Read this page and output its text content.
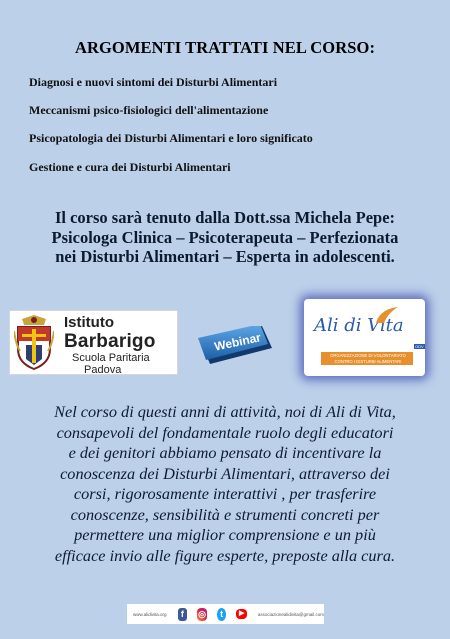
ARGOMENTI TRATTATI NEL CORSO:
Diagnosi e nuovi sintomi dei Disturbi Alimentari
Meccanismi psico-fisiologici dell'alimentazione
Psicopatologia dei Disturbi Alimentari e loro significato
Gestione e cura dei Disturbi Alimentari
Il corso sarà tenuto dalla Dott.ssa Michela Pepe:
Psicologa Clinica – Psicoterapeuta – Perfezionata
nei Disturbi Alimentari – Esperta in adolescenti.
Istituto
Barbarigo
Scuola Paritaria
Padova
Webinar
Ali di Vita
ORGANIZZAZIONE DI VOLONTARIATO CONTRO I DISTURBI ALIMENTARI
ODV
Nel corso di questi anni di attività, noi di Ali di Vita,
consapevoli del fondamentale ruolo degli educatori
e dei genitori abbiamo pensato di incentivare la
conoscenza dei Disturbi Alimentari, attraverso dei
corsi, rigorosamente interattivi , per trasferire
conoscenze, sensibilità e strumenti concreti per
permettere una miglior comprensione e un più
efficace invio alle figure esperte, preposte alla cura.
www.alidivita.org	f	◎	t	▶	associazionealidivita@gmail.com
